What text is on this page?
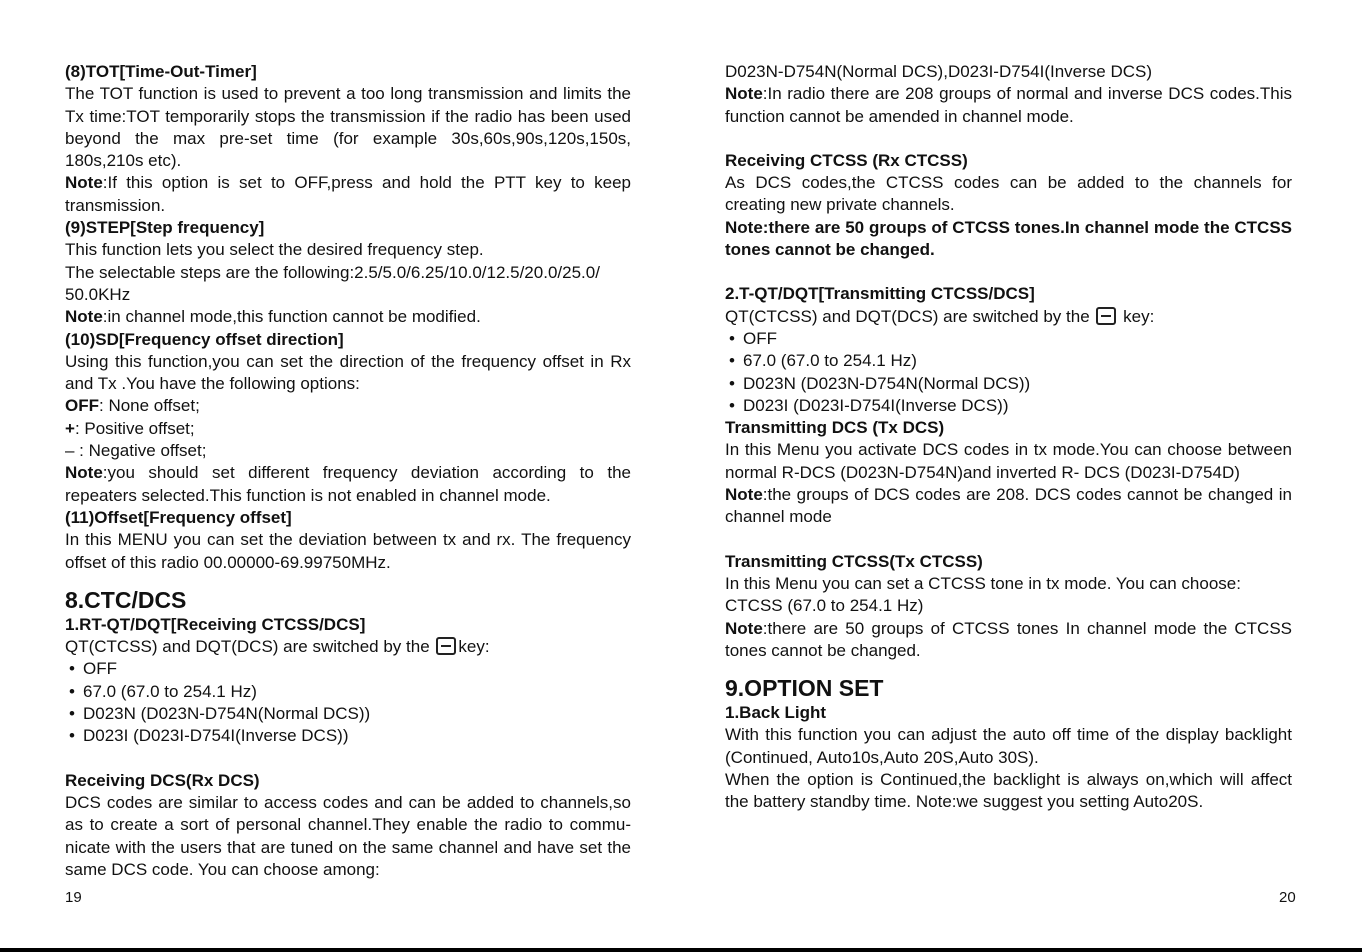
(8)TOT[Time-Out-Timer]

The TOT function is used to prevent a too long transmission and limits the Tx time:TOT temporarily stops the transmission if the radio has been used beyond the max pre-set time (for example 30s,60s,90s,120s,150s, 180s,210s etc).

Note:If this option is set to OFF,press and hold the PTT key to keep transmission.

(9)STEP[Step frequency]

This function lets you select the desired frequency step.

The selectable steps are the following:2.5/5.0/6.25/10.0/12.5/20.0/25.0/

50.0KHz

Note:in channel mode,this function cannot be modified.

(10)SD[Frequency offset direction]

Using this function,you can set the direction of the frequency offset in Rx and Tx .You have the following options:

OFF: None offset;

+: Positive offset;

– : Negative offset;

Note:you should set different frequency deviation according to the repeaters selected.This function is not enabled in channel mode.

(11)Offset[Frequency offset]

In this MENU you can set the deviation between tx and rx. The frequency offset of this radio 00.00000-69.99750MHz.

8.CTC/DCS

1.RT-QT/DQT[Receiving CTCSS/DCS]

QT(CTCSS) and DQT(DCS) are switched by the key:

• OFF

• 67.0 (67.0 to 254.1 Hz)

• D023N (D023N-D754N(Normal DCS))

• D023I (D023I-D754I(Inverse DCS))

Receiving DCS(Rx DCS)

DCS codes are similar to access codes and can be added to channels,so as to create a sort of personal channel.They enable the radio to commu-nicate with the users that are tuned on the same channel and have set the same DCS code. You can choose among:

D023N-D754N(Normal DCS),D023I-D754I(Inverse DCS)

Note:In radio there are 208 groups of normal and inverse DCS codes.This function cannot be amended in channel mode.

Receiving CTCSS (Rx CTCSS)

As DCS codes,the CTCSS codes can be added to the channels for creating new private channels.

Note:there are 50 groups of CTCSS tones.In channel mode the CTCSS tones cannot be changed.

2.T-QT/DQT[Transmitting CTCSS/DCS]

QT(CTCSS) and DQT(DCS) are switched by the key:

• OFF

• 67.0 (67.0 to 254.1 Hz)

• D023N (D023N-D754N(Normal DCS))

• D023I (D023I-D754I(Inverse DCS))

Transmitting DCS (Tx DCS)

In this Menu you activate DCS codes in tx mode.You can choose between normal R-DCS (D023N-D754N)and inverted R- DCS (D023I-D754D)

Note:the groups of DCS codes are 208. DCS codes cannot be changed in channel mode

Transmitting CTCSS(Tx CTCSS)

In this Menu you can set a CTCSS tone in tx mode. You can choose:

CTCSS (67.0 to 254.1 Hz)

Note:there are 50 groups of CTCSS tones In channel mode the CTCSS tones cannot be changed.

9.OPTION SET

1.Back Light

With this function you can adjust the auto off time of the display backlight (Continued, Auto10s,Auto 20S,Auto 30S).

When the option is Continued,the backlight is always on,which will affect the battery standby time. Note:we suggest you setting Auto20S.

19	20
